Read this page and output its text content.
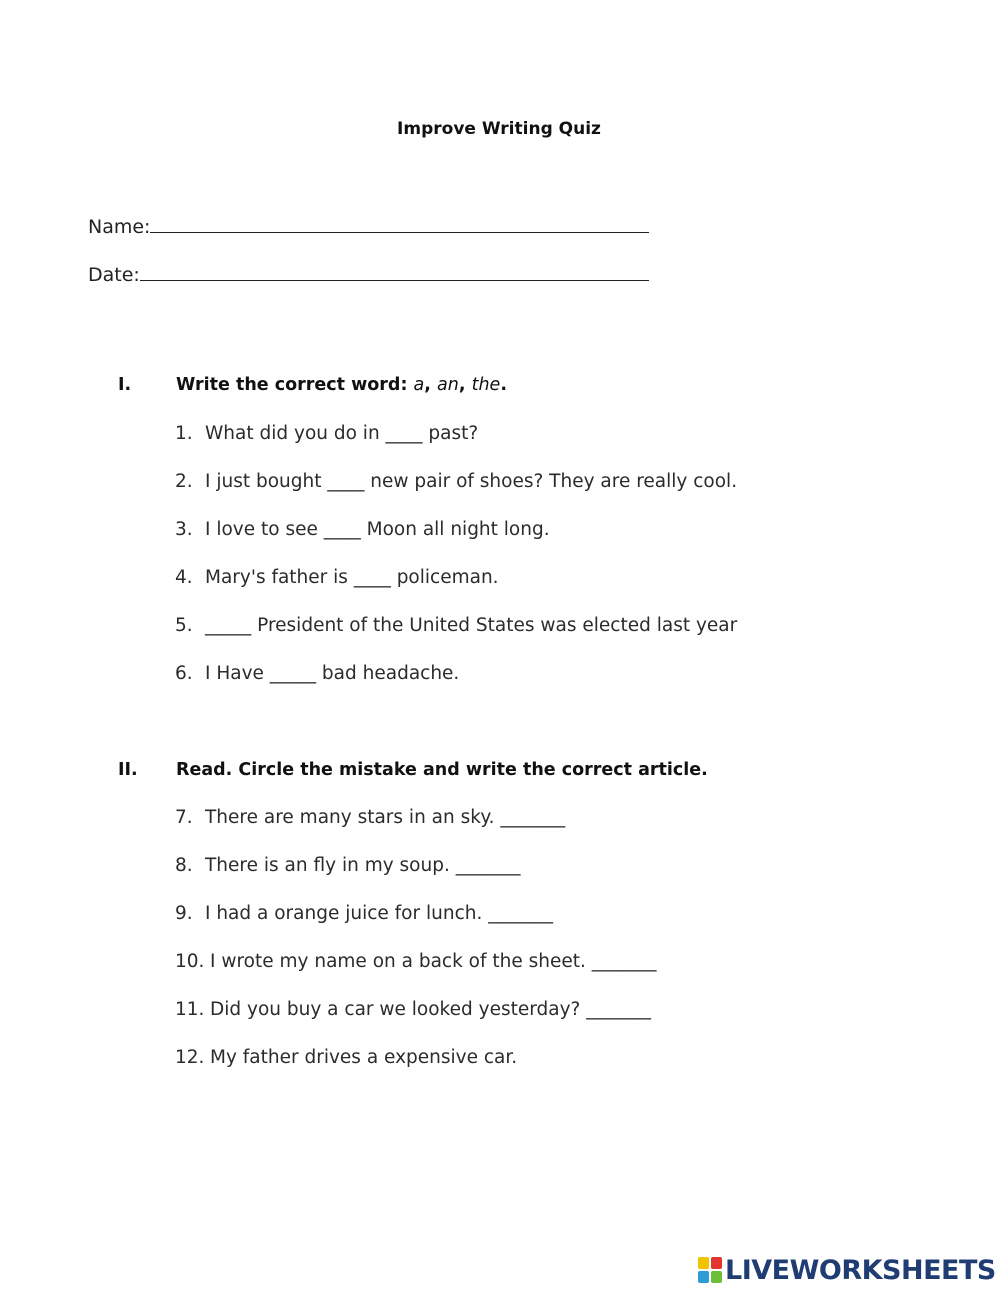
Improve Writing Quiz
Name:
Date:
I.	Write the correct word: a, an, the.
1. What did you do in ____ past?
2. I just bought ____ new pair of shoes? They are really cool.
3. I love to see ____ Moon all night long.
4. Mary's father is ____ policeman.
5. _____ President of the United States was elected last year
6. I Have _____ bad headache.
II. Read. Circle the mistake and write the correct article.
7. There are many stars in an sky. _______
8. There is an fly in my soup. _______
9. I had a orange juice for lunch. _______
10. I wrote my name on a back of the sheet. _______
11. Did you buy a car we looked yesterday? _______
12. My father drives a expensive car.
LIVEWORKSHEETS
